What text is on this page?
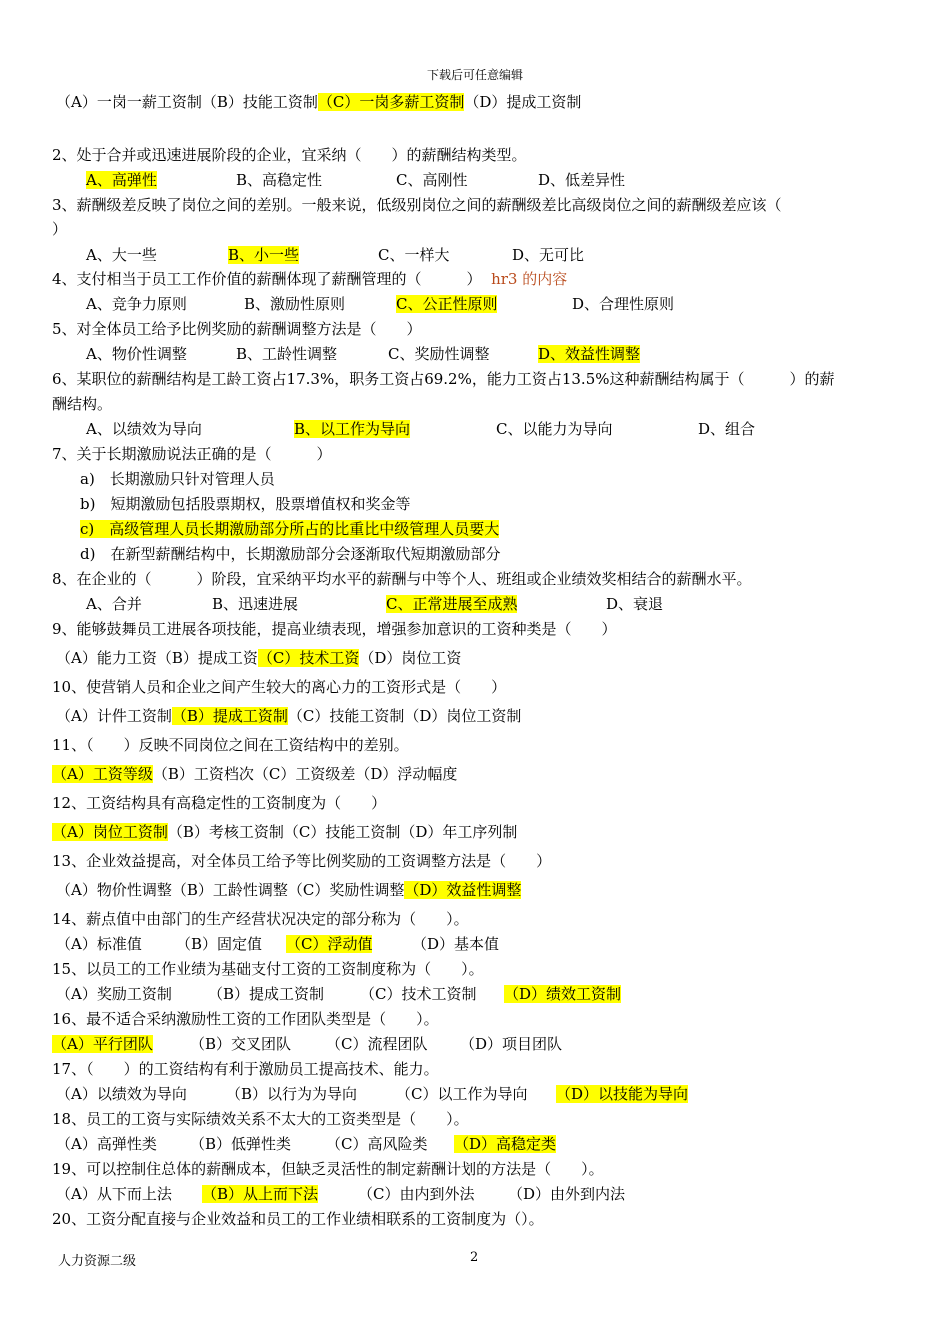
下载后可任意编辑
（A）一岗一薪工资制（B）技能工资制（C）一岗多薪工资制（D）提成工资制
2、处于合并或迅速进展阶段的企业，宜采纳（　　）的薪酬结构类型。
A、高弹性	B、高稳定性	C、高刚性	D、低差异性
3、薪酬级差反映了岗位之间的差别。一般来说，低级别岗位之间的薪酬级差比高级岗位之间的薪酬级差应该（
）
A、大一些	B、小一些	C、一样大	D、无可比
4、支付相当于员工工作价值的薪酬体现了薪酬管理的（　　　）  hr3 的内容
A、竞争力原则	B、激励性原则	C、公正性原则	D、合理性原则
5、对全体员工给予比例奖励的薪酬调整方法是（　　）
A、物价性调整	B、工龄性调整	C、奖励性调整	D、效益性调整
6、某职位的薪酬结构是工龄工资占17.3%，职务工资占69.2%，能力工资占13.5%这种薪酬结构属于（　　　）的薪
酬结构。
A、以绩效为导向	B、以工作为导向	C、以能力为导向	D、组合
7、关于长期激励说法正确的是（　　　）
a)　长期激励只针对管理人员
b)　短期激励包括股票期权，股票增值权和奖金等
c)　高级管理人员长期激励部分所占的比重比中级管理人员要大
d)　在新型薪酬结构中，长期激励部分会逐渐取代短期激励部分
8、在企业的（　　　）阶段，宜采纳平均水平的薪酬与中等个人、班组或企业绩效奖相结合的薪酬水平。
A、合并	B、迅速进展	C、正常进展至成熟	D、衰退
9、能够鼓舞员工进展各项技能，提高业绩表现，增强参加意识的工资种类是（　　）
（A）能力工资（B）提成工资（C）技术工资（D）岗位工资
10、使营销人员和企业之间产生较大的离心力的工资形式是（　　）
（A）计件工资制（B）提成工资制（C）技能工资制（D）岗位工资制
11、（　　）反映不同岗位之间在工资结构中的差别。
（A）工资等级（B）工资档次（C）工资级差（D）浮动幅度
12、工资结构具有高稳定性的工资制度为（　　）
（A）岗位工资制（B）考核工资制（C）技能工资制（D）年工序列制
13、企业效益提高，对全体员工给予等比例奖励的工资调整方法是（　　）
（A）物价性调整（B）工龄性调整（C）奖励性调整（D）效益性调整
14、薪点值中由部门的生产经营状况决定的部分称为（　　）。
（A）标准值 （B）固定值 （C）浮动值	（D）基本值
15、以员工的工作业绩为基础支付工资的工资制度称为（　　）。
（A）奖励工资制 （B）提成工资制 （C）技术工资制 （D）绩效工资制
16、最不适合采纳激励性工资的工作团队类型是（　　）。
（A）平行团队 （B）交叉团队 （C）流程团队 （D）项目团队
17、（　　）的工资结构有利于激励员工提高技术、能力。
（A）以绩效为导向	（B）以行为为导向	（C）以工作为导向 （D）以技能为导向
18、员工的工资与实际绩效关系不太大的工资类型是（　　）。
（A）高弹性类 （B）低弹性类 （C）高风险类 （D）高稳定类
19、可以控制住总体的薪酬成本，但缺乏灵活性的制定薪酬计划的方法是（　　）。
（A）从下而上法 （B）从上而下法	（C）由内到外法 （D）由外到内法
20、工资分配直接与企业效益和员工的工作业绩相联系的工资制度为（）。
人力资源二级	2
